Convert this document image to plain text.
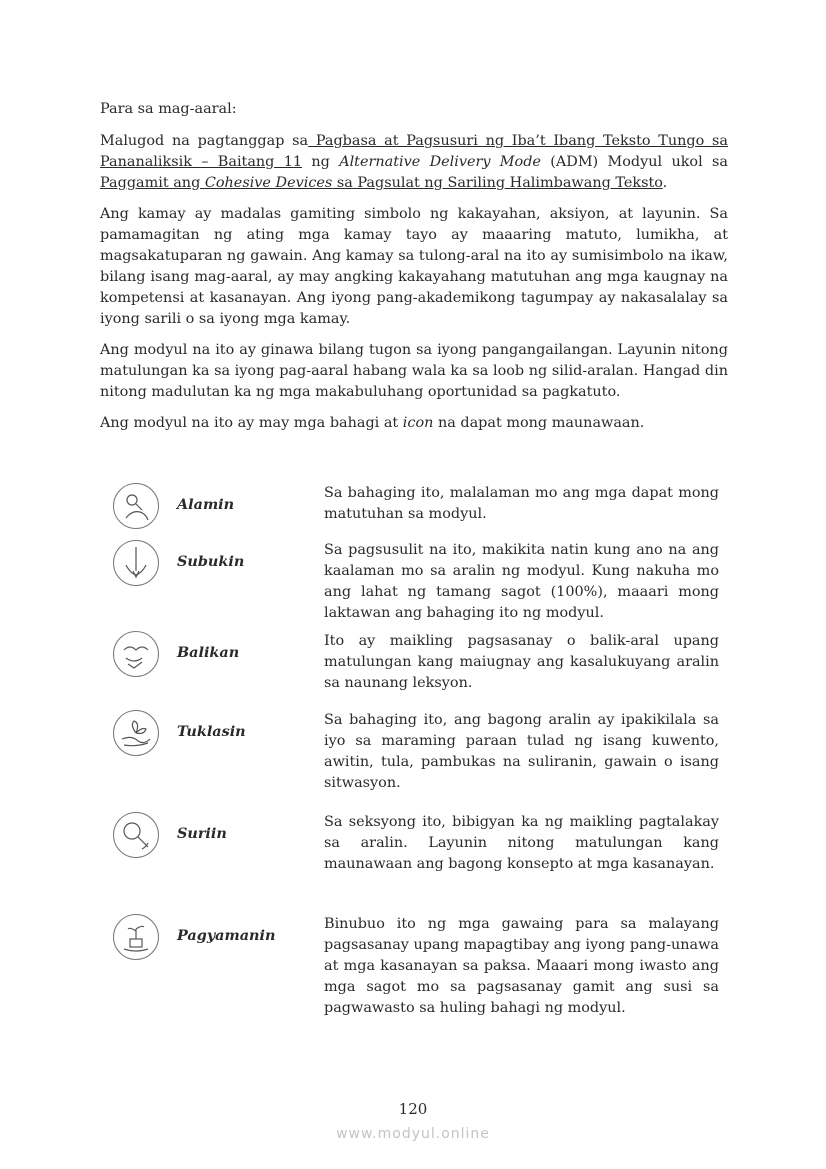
Para sa mag-aaral:

Malugod na pagtanggap sa Pagbasa at Pagsusuri ng Iba’t Ibang Teksto Tungo sa Pananaliksik – Baitang 11 ng Alternative Delivery Mode (ADM) Modyul ukol sa Paggamit ang Cohesive Devices sa Pagsulat ng Sariling Halimbawang Teksto.

Ang kamay ay madalas gamiting simbolo ng kakayahan, aksiyon, at layunin. Sa pamamagitan ng ating mga kamay tayo ay maaaring matuto, lumikha, at magsakatuparan ng gawain. Ang kamay sa tulong-aral na ito ay sumisimbolo na ikaw, bilang isang mag-aaral, ay may angking kakayahang matutuhan ang mga kaugnay na kompetensi at kasanayan. Ang iyong pang-akademikong tagumpay ay nakasalalay sa iyong sarili o sa iyong mga kamay.

Ang modyul na ito ay ginawa bilang tugon sa iyong pangangailangan. Layunin nitong matulungan ka sa iyong pag-aaral habang wala ka sa loob ng silid-aralan. Hangad din nitong madulutan ka ng mga makabuluhang oportunidad sa pagkatuto.

Ang modyul na ito ay may mga bahagi at icon na dapat mong maunawaan.

Alamin
Sa bahaging ito, malalaman mo ang mga dapat mong matutuhan sa modyul.
Subukin
Sa pagsusulit na ito, makikita natin kung ano na ang kaalaman mo sa aralin ng modyul. Kung nakuha mo ang lahat ng tamang sagot (100%), maaari mong laktawan ang bahaging ito ng modyul.
Balikan
Ito ay maikling pagsasanay o balik-aral upang matulungan kang maiugnay ang kasalukuyang aralin sa naunang leksyon.
Tuklasin
Sa bahaging ito, ang bagong aralin ay ipakikilala sa iyo sa maraming paraan tulad ng isang kuwento, awitin, tula, pambukas na suliranin, gawain o isang sitwasyon.
Suriin
Sa seksyong ito, bibigyan ka ng maikling pagtalakay sa aralin. Layunin nitong matulungan kang maunawaan ang bagong konsepto at mga kasanayan.
Pagyamanin
Binubuo ito ng mga gawaing para sa malayang pagsasanay upang mapagtibay ang iyong pang-unawa at mga kasanayan sa paksa. Maaari mong iwasto ang mga sagot mo sa pagsasanay gamit ang susi sa pagwawasto sa huling bahagi ng modyul.
120
www.modyul.online
